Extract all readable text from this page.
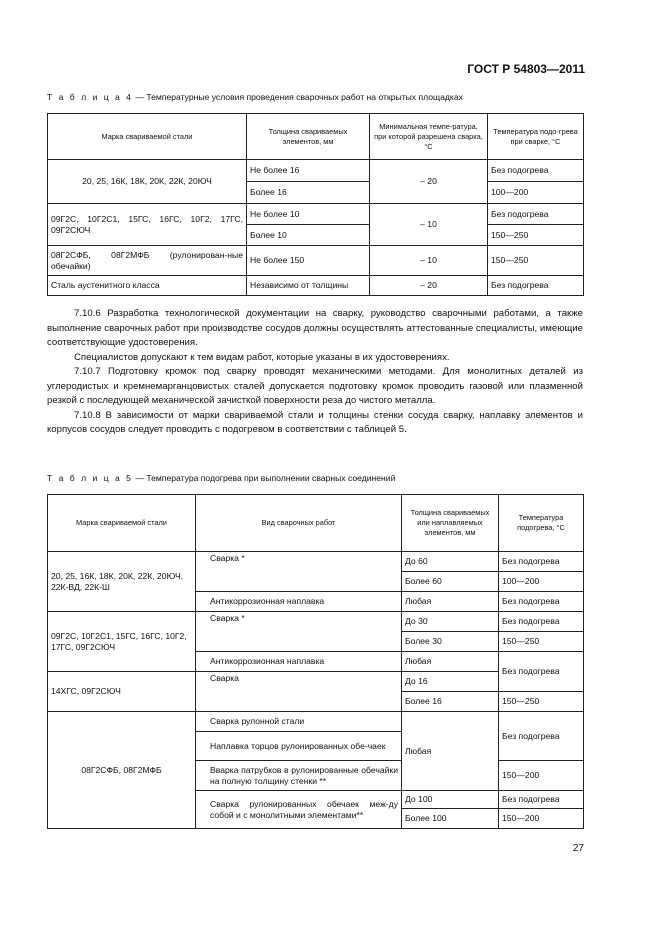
ГОСТ Р 54803—2011
Т а б л и ц а 4 — Температурные условия проведения сварочных работ на открытых площадках
Марка свариваемой стали	Толщина свариваемых элементов, мм	Минимальная темпе-ратура, при которой разрешена сварка, °С	Температура подо-грева при сварке, °С
20, 25, 16К, 18К, 20К, 22К, 20ЮЧ	Не более 16	– 20	Без подогрева
	Более 16		100—200
09Г2С, 10Г2С1, 15ГС, 16ГС, 10Г2, 17ГС, 09Г2СЮЧ	Не более 10	– 10	Без подогрева
	Более 10		150—250
08Г2СФБ, 08Г2МФБ (рулонирован-ные обечайки)	Не более 150	– 10	150—250
Сталь аустенитного класса	Независимо от толщины	– 20	Без подогрева

7.10.6 Разработка технологической документации на сварку, руководство сварочными работами, а также выполнение сварочных работ при производстве сосудов должны осуществлять аттестованные специалисты, имеющие соответствующие удостоверения.

Специалистов допускают к тем видам работ, которые указаны в их удостоверениях.

7.10.7 Подготовку кромок под сварку проводят механическими методами. Для монолитных деталей из углеродистых и кремнемарганцовистых сталей допускается подготовку кромок проводить газовой или плазменной резкой с последующей механической зачисткой поверхности реза до чистого металла.

7.10.8 В зависимости от марки свариваемой стали и толщины стенки сосуда сварку, наплавку элементов и корпусов сосудов следует проводить с подогревом в соответствии с таблицей 5.

Т а б л и ц а 5 — Температура подогрева при выполнении сварных соединений
Марка свариваемой стали	Вид сварочных работ	Толщина свариваемых или наплавляемых элементов, мм	Температура подогрева, °С
20, 25, 16К, 18К, 20К, 22К, 20ЮЧ, 22К-ВД, 22К-Ш	Сварка *	До 60	Без подогрева
		Более 60	100—200
	Антикоррозионная наплавка	Любая	Без подогрева
09Г2С, 10Г2С1, 15ГС, 16ГС, 10Г2, 17ГС, 09Г2СЮЧ	Сварка *	До 30	Без подогрева
		Более 30	150—250
	Антикоррозионная наплавка	Любая	Без подогрева
14ХГС, 09Г2СЮЧ	Сварка	До 16	
		Более 16	150—250
08Г2СФБ, 08Г2МФБ	Сварка рулонной стали	Любая	Без подогрева
	Наплавка торцов рулонированных обе-чаек		
	Вварка патрубков в рулонированные обечайки на полную толщину стенки **		150—200
	Сварка рулонированных обечаек меж-ду собой и с монолитными элементами**	До 100	Без подогрева
		Более 100	150—200
27
